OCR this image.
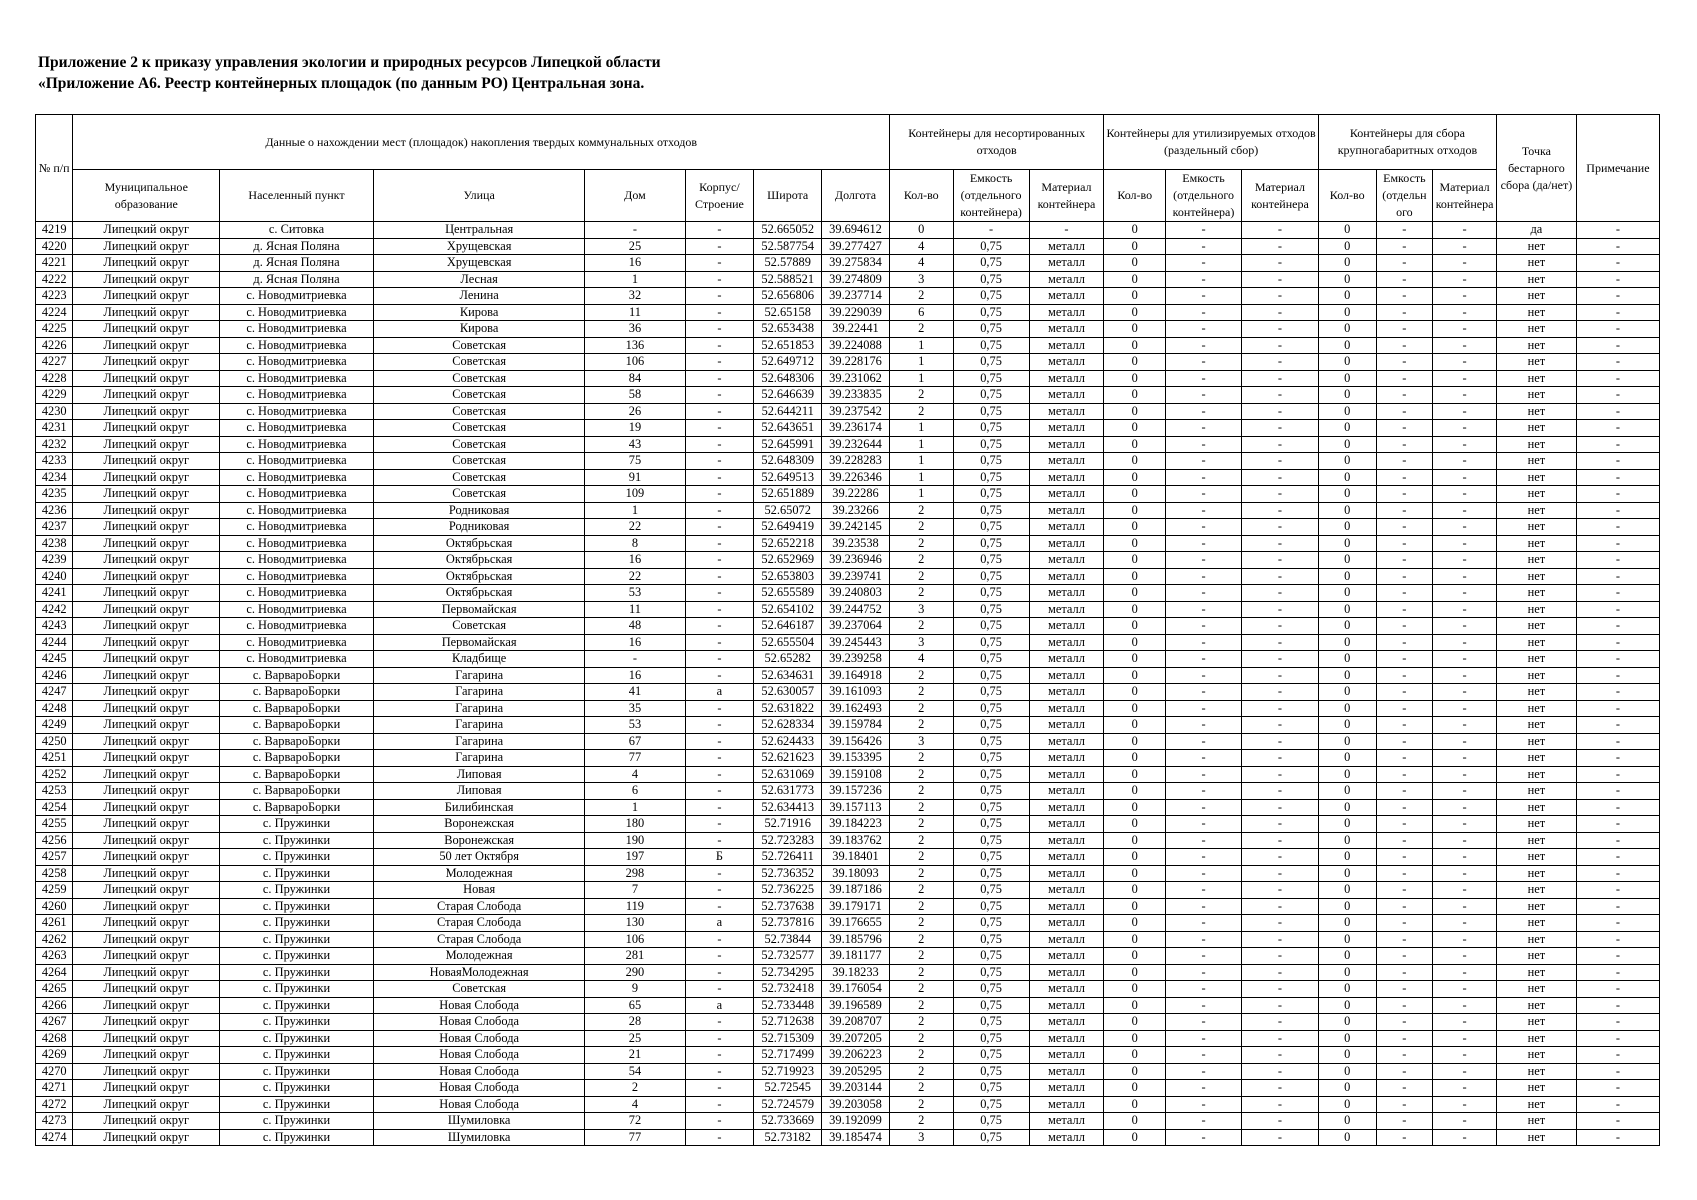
Приложение 2 к приказу управления экологии и природных ресурсов Липецкой области
«Приложение А6. Реестр контейнерных площадок (по данным РО) Центральная зона.
№ п/п	Данные о нахождении мест (площадок) накопления твердых коммунальных отходов							Контейнеры для несортированных отходов			Контейнеры для утилизируемых отходов (раздельный сбор)			Контейнеры для сбора крупногабаритных отходов			Точка бестарного сбора (да/нет)	Примечание
	Муниципальное образование	Населенный пункт	Улица	Дом	Корпус/ Строение	Широта	Долгота	Кол-во	Емкость (отдельного контейнера)	Материал контейнера	Кол-во	Емкость (отдельного контейнера)	Материал контейнера	Кол-во	Емкость (отдельн ого	Материал контейнера		
4219	Липецкий округ	с. Ситовка	Центральная	-	-	52.665052	39.694612	0	-	-	0	-	-	0	-	-	да	-
4220	Липецкий округ	д. Ясная Поляна	Хрущевская	25	-	52.587754	39.277427	4	0,75	металл	0	-	-	0	-	-	нет	-
4221	Липецкий округ	д. Ясная Поляна	Хрущевская	16	-	52.57889	39.275834	4	0,75	металл	0	-	-	0	-	-	нет	-
4222	Липецкий округ	д. Ясная Поляна	Лесная	1	-	52.588521	39.274809	3	0,75	металл	0	-	-	0	-	-	нет	-
4223	Липецкий округ	с. Новодмитриевка	Ленина	32	-	52.656806	39.237714	2	0,75	металл	0	-	-	0	-	-	нет	-
4224	Липецкий округ	с. Новодмитриевка	Кирова	11	-	52.65158	39.229039	6	0,75	металл	0	-	-	0	-	-	нет	-
4225	Липецкий округ	с. Новодмитриевка	Кирова	36	-	52.653438	39.22441	2	0,75	металл	0	-	-	0	-	-	нет	-
4226	Липецкий округ	с. Новодмитриевка	Советская	136	-	52.651853	39.224088	1	0,75	металл	0	-	-	0	-	-	нет	-
4227	Липецкий округ	с. Новодмитриевка	Советская	106	-	52.649712	39.228176	1	0,75	металл	0	-	-	0	-	-	нет	-
4228	Липецкий округ	с. Новодмитриевка	Советская	84	-	52.648306	39.231062	1	0,75	металл	0	-	-	0	-	-	нет	-
4229	Липецкий округ	с. Новодмитриевка	Советская	58	-	52.646639	39.233835	2	0,75	металл	0	-	-	0	-	-	нет	-
4230	Липецкий округ	с. Новодмитриевка	Советская	26	-	52.644211	39.237542	2	0,75	металл	0	-	-	0	-	-	нет	-
4231	Липецкий округ	с. Новодмитриевка	Советская	19	-	52.643651	39.236174	1	0,75	металл	0	-	-	0	-	-	нет	-
4232	Липецкий округ	с. Новодмитриевка	Советская	43	-	52.645991	39.232644	1	0,75	металл	0	-	-	0	-	-	нет	-
4233	Липецкий округ	с. Новодмитриевка	Советская	75	-	52.648309	39.228283	1	0,75	металл	0	-	-	0	-	-	нет	-
4234	Липецкий округ	с. Новодмитриевка	Советская	91	-	52.649513	39.226346	1	0,75	металл	0	-	-	0	-	-	нет	-
4235	Липецкий округ	с. Новодмитриевка	Советская	109	-	52.651889	39.22286	1	0,75	металл	0	-	-	0	-	-	нет	-
4236	Липецкий округ	с. Новодмитриевка	Родниковая	1	-	52.65072	39.23266	2	0,75	металл	0	-	-	0	-	-	нет	-
4237	Липецкий округ	с. Новодмитриевка	Родниковая	22	-	52.649419	39.242145	2	0,75	металл	0	-	-	0	-	-	нет	-
4238	Липецкий округ	с. Новодмитриевка	Октябрьская	8	-	52.652218	39.23538	2	0,75	металл	0	-	-	0	-	-	нет	-
4239	Липецкий округ	с. Новодмитриевка	Октябрьская	16	-	52.652969	39.236946	2	0,75	металл	0	-	-	0	-	-	нет	-
4240	Липецкий округ	с. Новодмитриевка	Октябрьская	22	-	52.653803	39.239741	2	0,75	металл	0	-	-	0	-	-	нет	-
4241	Липецкий округ	с. Новодмитриевка	Октябрьская	53	-	52.655589	39.240803	2	0,75	металл	0	-	-	0	-	-	нет	-
4242	Липецкий округ	с. Новодмитриевка	Первомайская	11	-	52.654102	39.244752	3	0,75	металл	0	-	-	0	-	-	нет	-
4243	Липецкий округ	с. Новодмитриевка	Советская	48	-	52.646187	39.237064	2	0,75	металл	0	-	-	0	-	-	нет	-
4244	Липецкий округ	с. Новодмитриевка	Первомайская	16	-	52.655504	39.245443	3	0,75	металл	0	-	-	0	-	-	нет	-
4245	Липецкий округ	с. Новодмитриевка	Кладбище	-	-	52.65282	39.239258	4	0,75	металл	0	-	-	0	-	-	нет	-
4246	Липецкий округ	с. ВарвароБорки	Гагарина	16	-	52.634631	39.164918	2	0,75	металл	0	-	-	0	-	-	нет	-
4247	Липецкий округ	с. ВарвароБорки	Гагарина	41	а	52.630057	39.161093	2	0,75	металл	0	-	-	0	-	-	нет	-
4248	Липецкий округ	с. ВарвароБорки	Гагарина	35	-	52.631822	39.162493	2	0,75	металл	0	-	-	0	-	-	нет	-
4249	Липецкий округ	с. ВарвароБорки	Гагарина	53	-	52.628334	39.159784	2	0,75	металл	0	-	-	0	-	-	нет	-
4250	Липецкий округ	с. ВарвароБорки	Гагарина	67	-	52.624433	39.156426	3	0,75	металл	0	-	-	0	-	-	нет	-
4251	Липецкий округ	с. ВарвароБорки	Гагарина	77	-	52.621623	39.153395	2	0,75	металл	0	-	-	0	-	-	нет	-
4252	Липецкий округ	с. ВарвароБорки	Липовая	4	-	52.631069	39.159108	2	0,75	металл	0	-	-	0	-	-	нет	-
4253	Липецкий округ	с. ВарвароБорки	Липовая	6	-	52.631773	39.157236	2	0,75	металл	0	-	-	0	-	-	нет	-
4254	Липецкий округ	с. ВарвароБорки	Билибинская	1	-	52.634413	39.157113	2	0,75	металл	0	-	-	0	-	-	нет	-
4255	Липецкий округ	с. Пружинки	Воронежская	180	-	52.71916	39.184223	2	0,75	металл	0	-	-	0	-	-	нет	-
4256	Липецкий округ	с. Пружинки	Воронежская	190	-	52.723283	39.183762	2	0,75	металл	0	-	-	0	-	-	нет	-
4257	Липецкий округ	с. Пружинки	50 лет Октября	197	Б	52.726411	39.18401	2	0,75	металл	0	-	-	0	-	-	нет	-
4258	Липецкий округ	с. Пружинки	Молодежная	298	-	52.736352	39.18093	2	0,75	металл	0	-	-	0	-	-	нет	-
4259	Липецкий округ	с. Пружинки	Новая	7	-	52.736225	39.187186	2	0,75	металл	0	-	-	0	-	-	нет	-
4260	Липецкий округ	с. Пружинки	Старая Слобода	119	-	52.737638	39.179171	2	0,75	металл	0	-	-	0	-	-	нет	-
4261	Липецкий округ	с. Пружинки	Старая Слобода	130	а	52.737816	39.176655	2	0,75	металл	0	-	-	0	-	-	нет	-
4262	Липецкий округ	с. Пружинки	Старая Слобода	106	-	52.73844	39.185796	2	0,75	металл	0	-	-	0	-	-	нет	-
4263	Липецкий округ	с. Пружинки	Молодежная	281	-	52.732577	39.181177	2	0,75	металл	0	-	-	0	-	-	нет	-
4264	Липецкий округ	с. Пружинки	НоваяМолодежная	290	-	52.734295	39.18233	2	0,75	металл	0	-	-	0	-	-	нет	-
4265	Липецкий округ	с. Пружинки	Советская	9	-	52.732418	39.176054	2	0,75	металл	0	-	-	0	-	-	нет	-
4266	Липецкий округ	с. Пружинки	Новая Слобода	65	а	52.733448	39.196589	2	0,75	металл	0	-	-	0	-	-	нет	-
4267	Липецкий округ	с. Пружинки	Новая Слобода	28	-	52.712638	39.208707	2	0,75	металл	0	-	-	0	-	-	нет	-
4268	Липецкий округ	с. Пружинки	Новая Слобода	25	-	52.715309	39.207205	2	0,75	металл	0	-	-	0	-	-	нет	-
4269	Липецкий округ	с. Пружинки	Новая Слобода	21	-	52.717499	39.206223	2	0,75	металл	0	-	-	0	-	-	нет	-
4270	Липецкий округ	с. Пружинки	Новая Слобода	54	-	52.719923	39.205295	2	0,75	металл	0	-	-	0	-	-	нет	-
4271	Липецкий округ	с. Пружинки	Новая Слобода	2	-	52.72545	39.203144	2	0,75	металл	0	-	-	0	-	-	нет	-
4272	Липецкий округ	с. Пружинки	Новая Слобода	4	-	52.724579	39.203058	2	0,75	металл	0	-	-	0	-	-	нет	-
4273	Липецкий округ	с. Пружинки	Шумиловка	72	-	52.733669	39.192099	2	0,75	металл	0	-	-	0	-	-	нет	-
4274	Липецкий округ	с. Пружинки	Шумиловка	77	-	52.73182	39.185474	3	0,75	металл	0	-	-	0	-	-	нет	-
